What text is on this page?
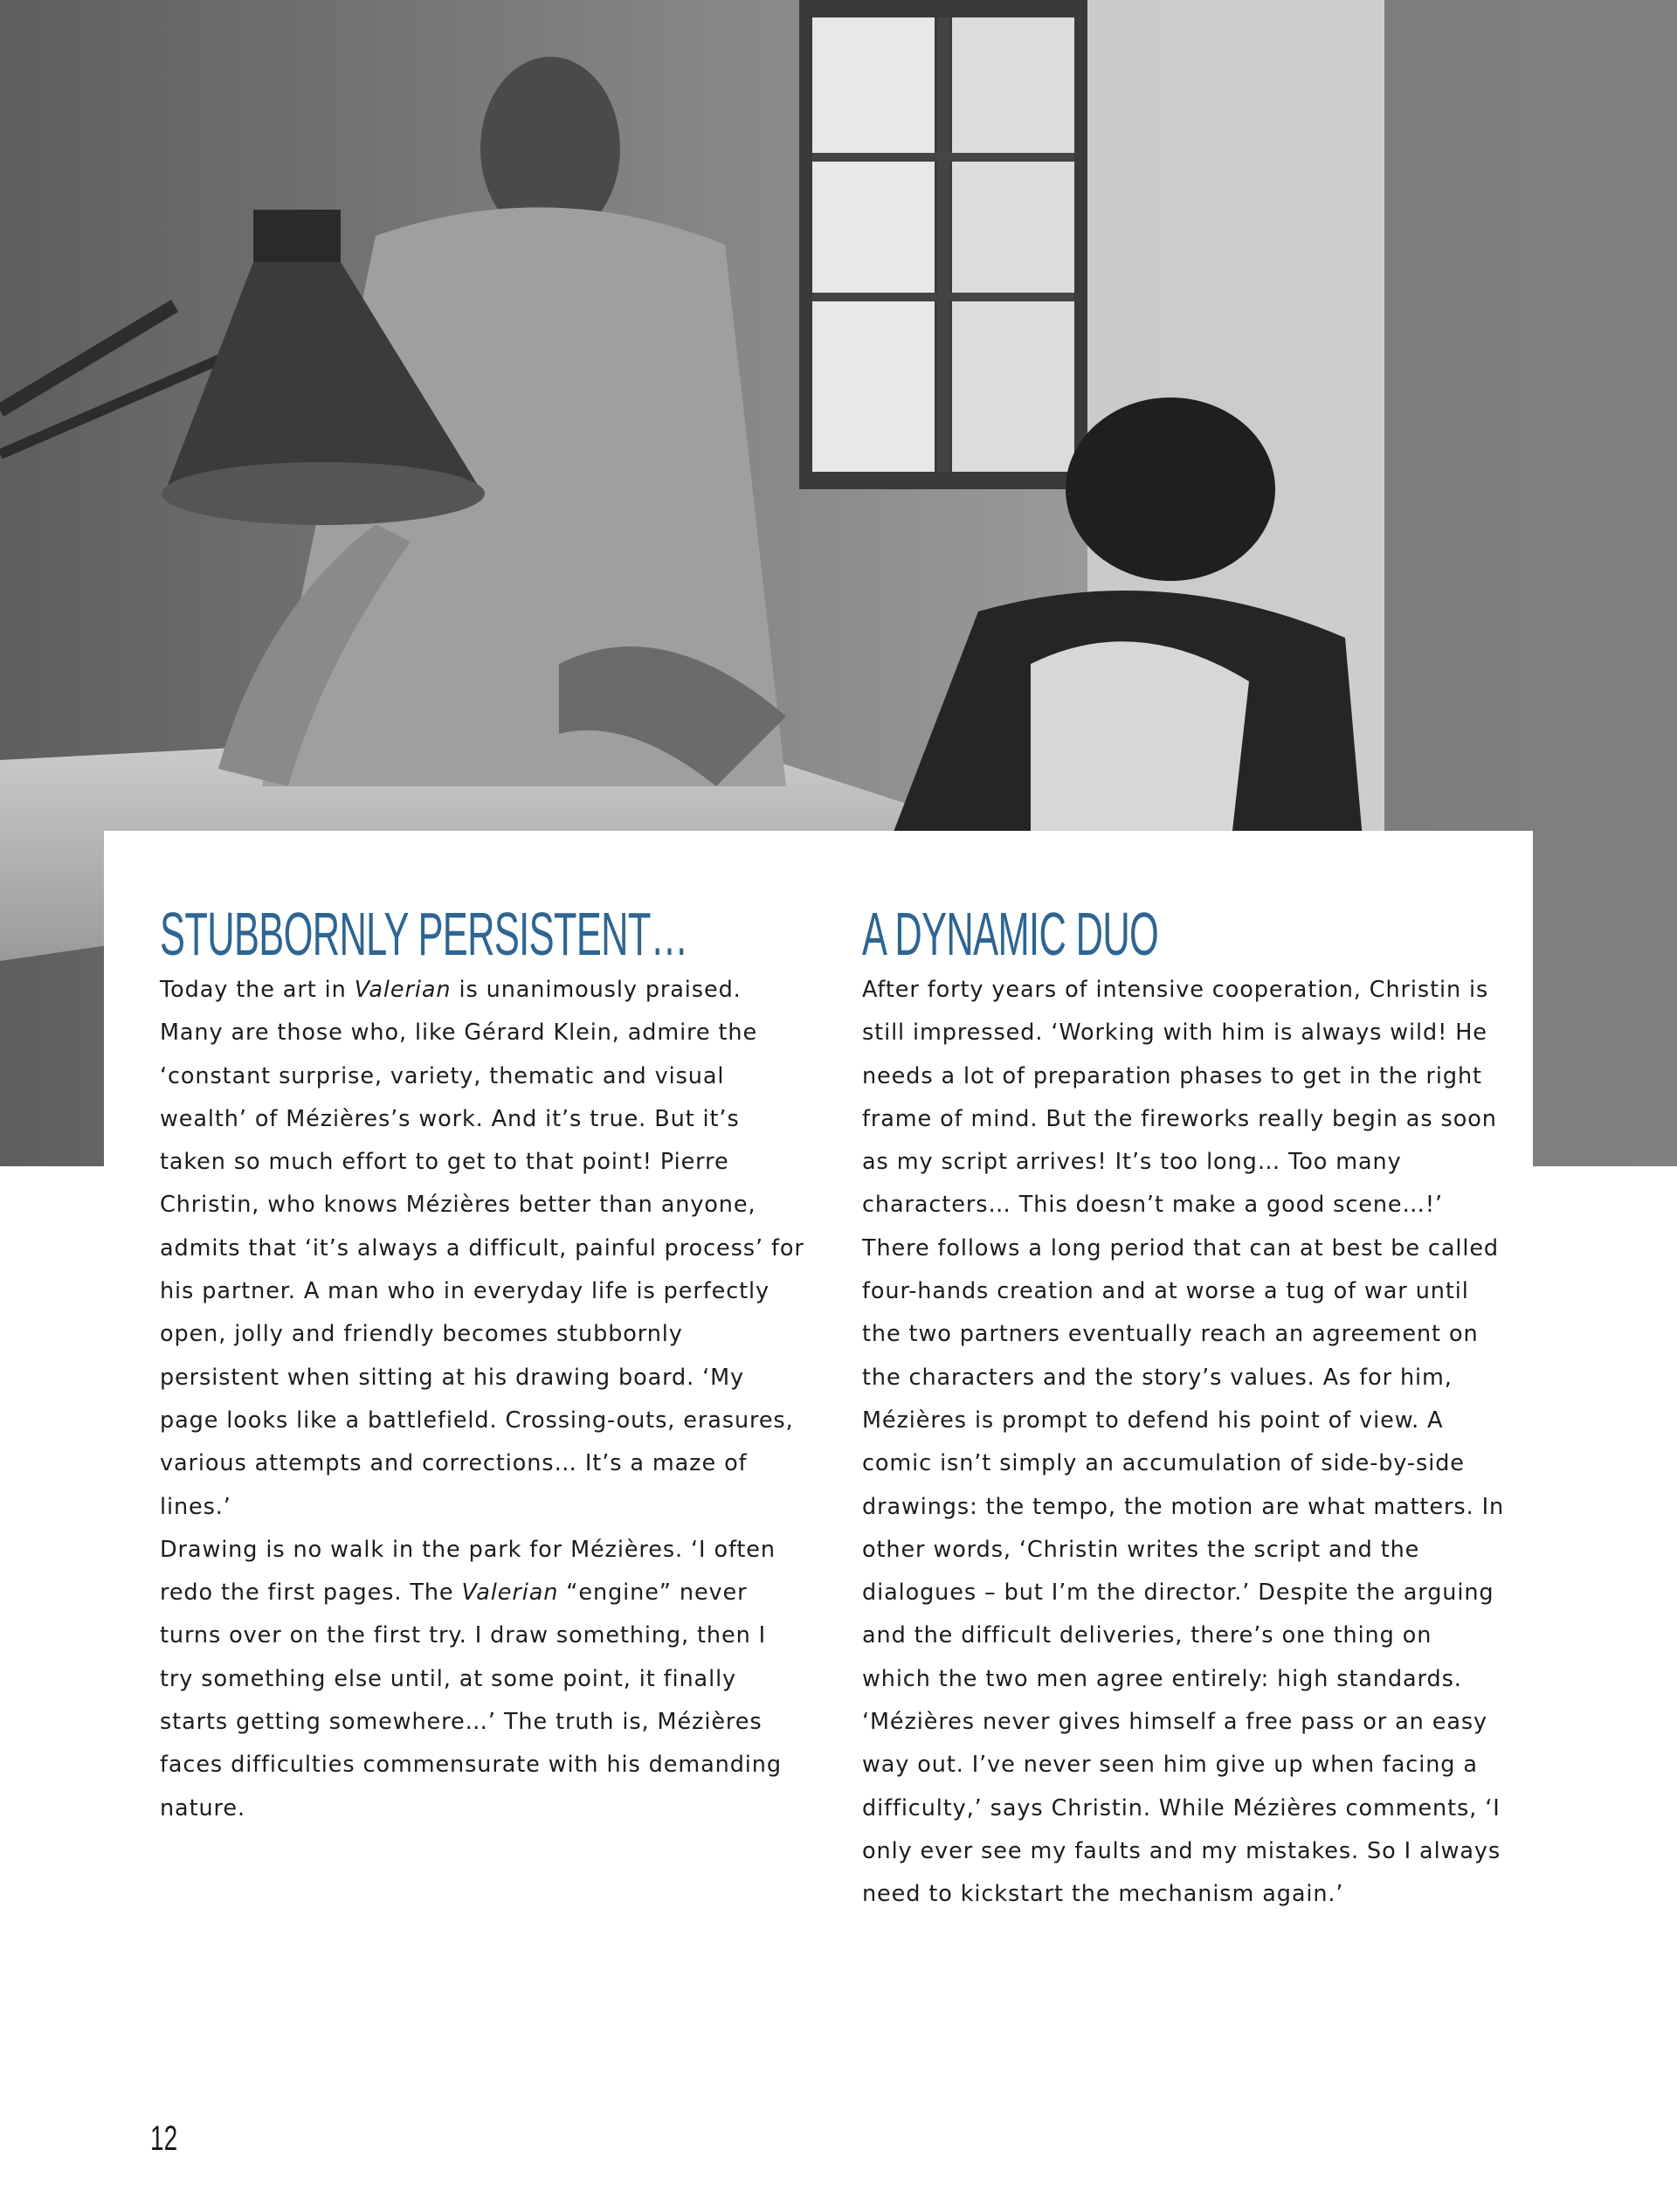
STUBBORNLY PERSISTENT…

Today the art in Valerian is unanimously praised. Many are those who, like Gérard Klein, admire the ‘constant surprise, variety, thematic and visual wealth’ of Mézières’s work. And it’s true. But it’s taken so much effort to get to that point! Pierre Christin, who knows Mézières better than anyone, admits that ‘it’s always a difficult, painful process’ for his partner. A man who in everyday life is perfectly open, jolly and friendly becomes stubbornly persistent when sitting at his drawing board. ‘My page looks like a battlefield. Crossing-outs, erasures, various attempts and corrections… It’s a maze of lines.’

Drawing is no walk in the park for Mézières. ‘I often redo the first pages. The Valerian “engine” never turns over on the first try. I draw something, then I try something else until, at some point, it finally starts getting somewhere…’ The truth is, Mézières faces difficulties commensurate with his demanding nature.

A DYNAMIC DUO

After forty years of intensive cooperation, Christin is still impressed. ‘Working with him is always wild! He needs a lot of preparation phases to get in the right frame of mind. But the fireworks really begin as soon as my script arrives! It’s too long… Too many characters… This doesn’t make a good scene…!’ There follows a long period that can at best be called four-hands creation and at worse a tug of war until the two partners eventually reach an agreement on the characters and the story’s values. As for him, Mézières is prompt to defend his point of view. A comic isn’t simply an accumulation of side-by-side drawings: the tempo, the motion are what matters. In other words, ‘Christin writes the script and the dialogues – but I’m the director.’ Despite the arguing and the difficult deliveries, there’s one thing on which the two men agree entirely: high standards. ‘Mézières never gives himself a free pass or an easy way out. I’ve never seen him give up when facing a difficulty,’ says Christin. While Mézières comments, ‘I only ever see my faults and my mistakes. So I always need to kickstart the mechanism again.’

12
